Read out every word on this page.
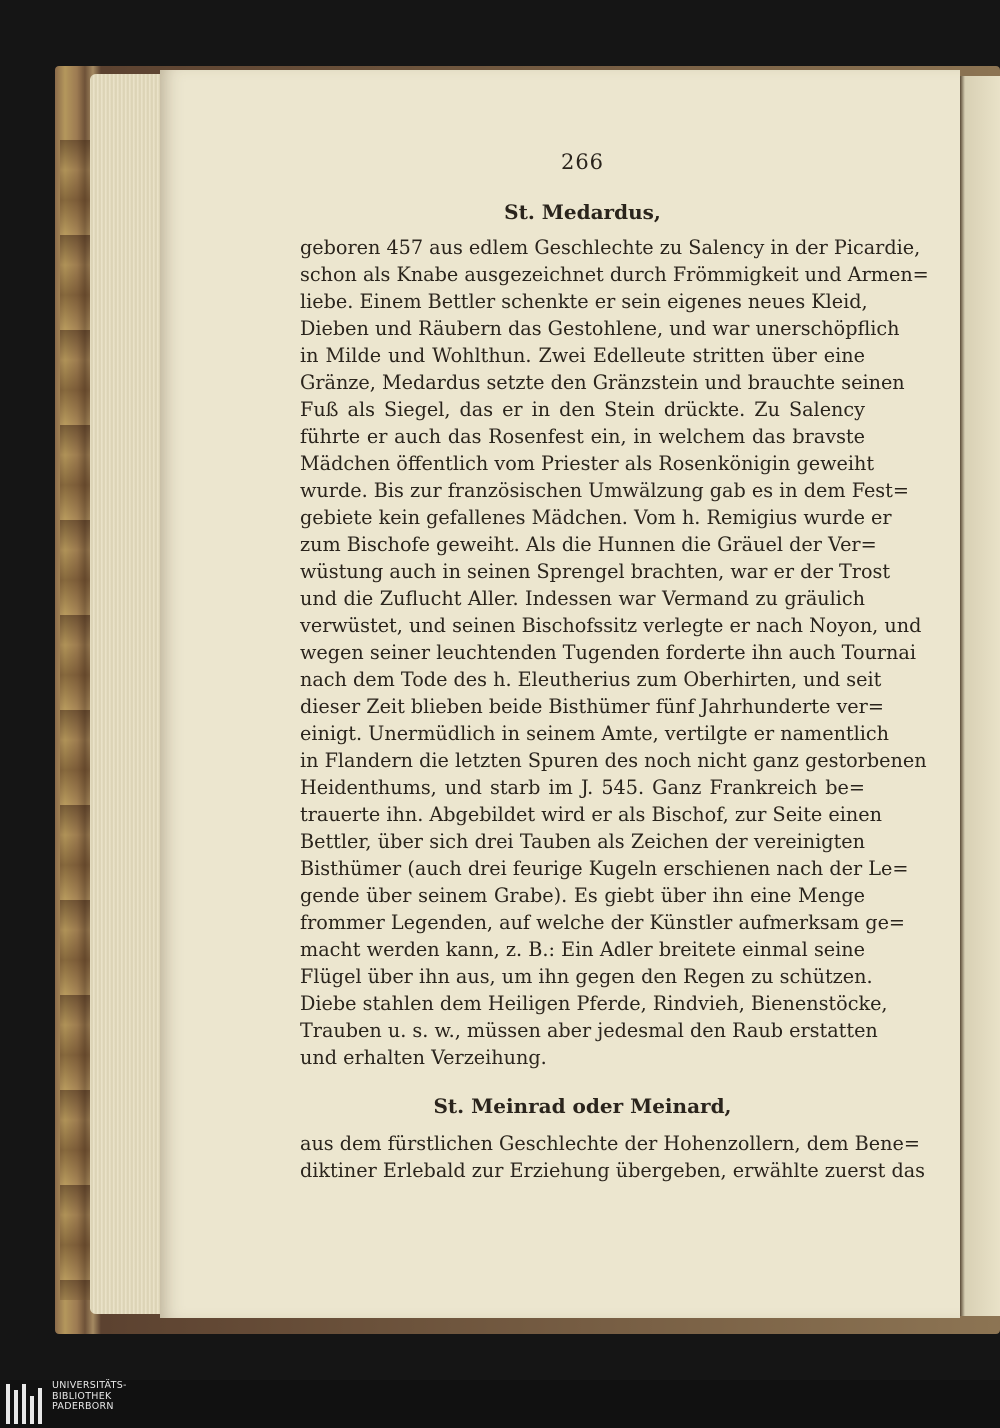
266
St. Medardus,
geboren 457 aus edlem Geschlechte zu Salency in der Picardie,
schon als Knabe ausgezeichnet durch Frömmigkeit und Armen=
liebe. Einem Bettler schenkte er sein eigenes neues Kleid,
Dieben und Räubern das Gestohlene, und war unerschöpflich
in Milde und Wohlthun. Zwei Edelleute stritten über eine
Gränze, Medardus setzte den Gränzstein und brauchte seinen
Fuß als Siegel, das er in den Stein drückte. Zu Salency
führte er auch das Rosenfest ein, in welchem das bravste
Mädchen öffentlich vom Priester als Rosenkönigin geweiht
wurde. Bis zur französischen Umwälzung gab es in dem Fest=
gebiete kein gefallenes Mädchen. Vom h. Remigius wurde er
zum Bischofe geweiht. Als die Hunnen die Gräuel der Ver=
wüstung auch in seinen Sprengel brachten, war er der Trost
und die Zuflucht Aller. Indessen war Vermand zu gräulich
verwüstet, und seinen Bischofssitz verlegte er nach Noyon, und
wegen seiner leuchtenden Tugenden forderte ihn auch Tournai
nach dem Tode des h. Eleutherius zum Oberhirten, und seit
dieser Zeit blieben beide Bisthümer fünf Jahrhunderte ver=
einigt. Unermüdlich in seinem Amte, vertilgte er namentlich
in Flandern die letzten Spuren des noch nicht ganz gestorbenen
Heidenthums, und starb im J. 545. Ganz Frankreich be=
trauerte ihn. Abgebildet wird er als Bischof, zur Seite einen
Bettler, über sich drei Tauben als Zeichen der vereinigten
Bisthümer (auch drei feurige Kugeln erschienen nach der Le=
gende über seinem Grabe). Es giebt über ihn eine Menge
frommer Legenden, auf welche der Künstler aufmerksam ge=
macht werden kann, z. B.: Ein Adler breitete einmal seine
Flügel über ihn aus, um ihn gegen den Regen zu schützen.
Diebe stahlen dem Heiligen Pferde, Rindvieh, Bienenstöcke,
Trauben u. s. w., müssen aber jedesmal den Raub erstatten
und erhalten Verzeihung.
St. Meinrad oder Meinard,
aus dem fürstlichen Geschlechte der Hohenzollern, dem Bene=
diktiner Erlebald zur Erziehung übergeben, erwählte zuerst das
UNIVERSITÄTS-
BIBLIOTHEK
PADERBORN
